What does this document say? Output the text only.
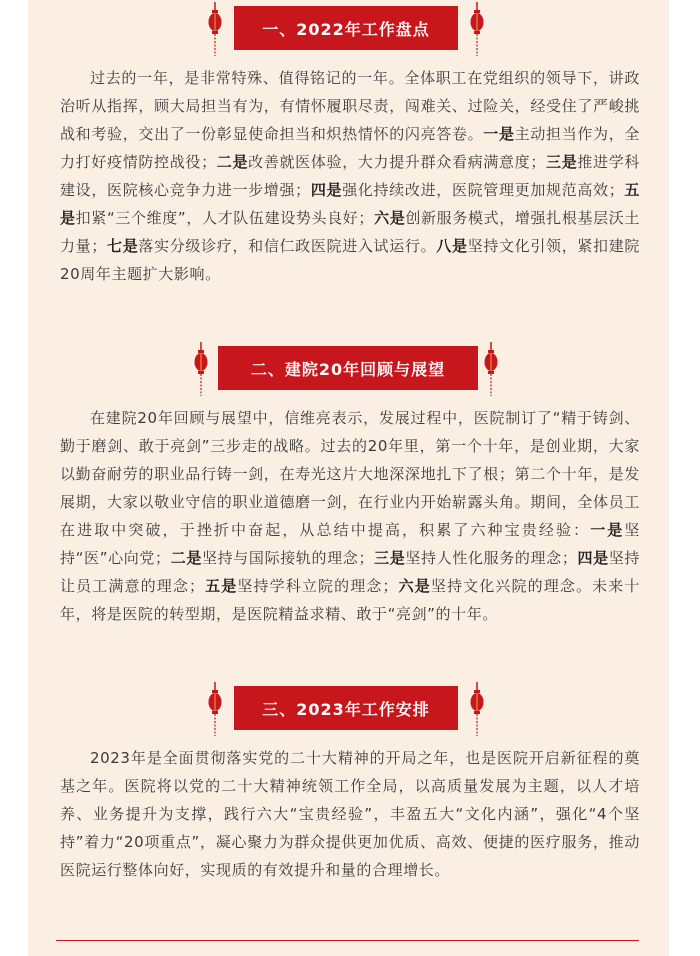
一、2022年工作盘点

过去的一年，是非常特殊、值得铭记的一年。全体职工在党组织的领导下，讲政治听从指挥，顾大局担当有为，有情怀履职尽责，闯难关、过险关，经受住了严峻挑战和考验，交出了一份彰显使命担当和炽热情怀的闪亮答卷。一是主动担当作为，全力打好疫情防控战役；二是改善就医体验，大力提升群众看病满意度；三是推进学科建设，医院核心竞争力进一步增强；四是强化持续改进，医院管理更加规范高效；五是扣紧“三个维度”，人才队伍建设势头良好；六是创新服务模式，增强扎根基层沃土力量；七是落实分级诊疗，和信仁政医院进入试运行。八是坚持文化引领，紧扣建院20周年主题扩大影响。

二、建院20年回顾与展望

在建院20年回顾与展望中，信维亮表示，发展过程中，医院制订了“精于铸剑、勤于磨剑、敢于亮剑”三步走的战略。过去的20年里，第一个十年，是创业期，大家以勤奋耐劳的职业品行铸一剑，在寿光这片大地深深地扎下了根；第二个十年，是发展期，大家以敬业守信的职业道德磨一剑，在行业内开始崭露头角。期间，全体员工在进取中突破，于挫折中奋起，从总结中提高，积累了六种宝贵经验：一是坚持“医”心向党；二是坚持与国际接轨的理念；三是坚持人性化服务的理念；四是坚持让员工满意的理念；五是坚持学科立院的理念；六是坚持文化兴院的理念。未来十年，将是医院的转型期，是医院精益求精、敢于“亮剑”的十年。

三、2023年工作安排

2023年是全面贯彻落实党的二十大精神的开局之年，也是医院开启新征程的奠基之年。医院将以党的二十大精神统领工作全局，以高质量发展为主题，以人才培养、业务提升为支撑，践行六大“宝贵经验”，丰盈五大“文化内涵”，强化“4个坚持”着力“20项重点”，凝心聚力为群众提供更加优质、高效、便捷的医疗服务，推动医院运行整体向好，实现质的有效提升和量的合理增长。
